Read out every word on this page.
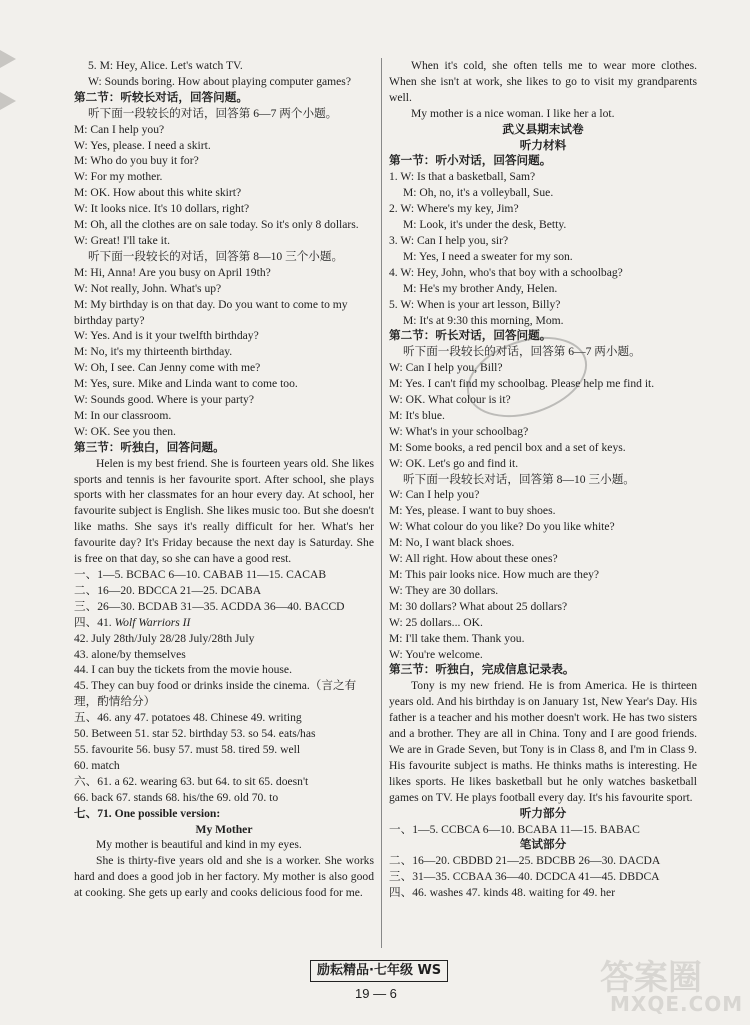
5. M: Hey, Alice. Let's watch TV.

W: Sounds boring. How about playing computer games?

第二节：听较长对话，回答问题。

听下面一段较长的对话，回答第 6—7 两个小题。

M: Can I help you?

W: Yes, please. I need a skirt.

M: Who do you buy it for?

W: For my mother.

M: OK. How about this white skirt?

W: It looks nice. It's 10 dollars, right?

M: Oh, all the clothes are on sale today. So it's only 8 dollars.

W: Great! I'll take it.

听下面一段较长的对话，回答第 8—10 三个小题。

M: Hi, Anna! Are you busy on April 19th?

W: Not really, John. What's up?

M: My birthday is on that day. Do you want to come to my birthday party?

W: Yes. And is it your twelfth birthday?

M: No, it's my thirteenth birthday.

W: Oh, I see. Can Jenny come with me?

M: Yes, sure. Mike and Linda want to come too.

W: Sounds good. Where is your party?

M: In our classroom.

W: OK. See you then.

第三节：听独白，回答问题。

Helen is my best friend. She is fourteen years old. She likes sports and tennis is her favourite sport. After school, she plays sports with her classmates for an hour every day. At school, her favourite subject is English. She likes music too. But she doesn't like maths. She says it's really difficult for her. What's her favourite day? It's Friday because the next day is Saturday. She is free on that day, so she can have a good rest.

一、1—5. BCBAC 6—10. CABAB 11—15. CACAB

二、16—20. BDCCA 21—25. DCABA

三、26—30. BCDAB 31—35. ACDDA 36—40. BACCD

四、41. Wolf Warriors II

42. July 28th/July 28/28 July/28th July

43. alone/by themselves

44. I can buy the tickets from the movie house.

45. They can buy food or drinks inside the cinema.（言之有理，酌情给分）

五、46. any 47. potatoes 48. Chinese 49. writing

50. Between 51. star 52. birthday 53. so 54. eats/has

55. favourite 56. busy 57. must 58. tired 59. well

60. match

六、61. a 62. wearing 63. but 64. to sit 65. doesn't

66. back 67. stands 68. his/the 69. old 70. to

七、71. One possible version:

My Mother

My mother is beautiful and kind in my eyes.

She is thirty-five years old and she is a worker. She works hard and does a good job in her factory. My mother is also good at cooking. She gets up early and cooks delicious food for me.

When it's cold, she often tells me to wear more clothes. When she isn't at work, she likes to go to visit my grandparents well.

My mother is a nice woman. I like her a lot.

武义县期末试卷

听力材料

第一节：听小对话，回答问题。

1. W: Is that a basketball, Sam?

M: Oh, no, it's a volleyball, Sue.

2. W: Where's my key, Jim?

M: Look, it's under the desk, Betty.

3. W: Can I help you, sir?

M: Yes, I need a sweater for my son.

4. W: Hey, John, who's that boy with a schoolbag?

M: He's my brother Andy, Helen.

5. W: When is your art lesson, Billy?

M: It's at 9:30 this morning, Mom.

第二节：听长对话，回答问题。

听下面一段较长的对话，回答第 6—7 两小题。

W: Can I help you, Bill?

M: Yes. I can't find my schoolbag. Please help me find it.

W: OK. What colour is it?

M: It's blue.

W: What's in your schoolbag?

M: Some books, a red pencil box and a set of keys.

W: OK. Let's go and find it.

听下面一段较长对话，回答第 8—10 三小题。

W: Can I help you?

M: Yes, please. I want to buy shoes.

W: What colour do you like? Do you like white?

M: No, I want black shoes.

W: All right. How about these ones?

M: This pair looks nice. How much are they?

W: They are 30 dollars.

M: 30 dollars? What about 25 dollars?

W: 25 dollars... OK.

M: I'll take them. Thank you.

W: You're welcome.

第三节：听独白，完成信息记录表。

Tony is my new friend. He is from America. He is thirteen years old. And his birthday is on January 1st, New Year's Day. His father is a teacher and his mother doesn't work. He has two sisters and a brother. They are all in China. Tony and I are good friends. We are in Grade Seven, but Tony is in Class 8, and I'm in Class 9. His favourite subject is maths. He thinks maths is interesting. He likes sports. He likes basketball but he only watches basketball games on TV. He plays football every day. It's his favourite sport.

听力部分

一、1—5. CCBCA 6—10. BCABA 11—15. BABAC

笔试部分

二、16—20. CBDBD 21—25. BDCBB 26—30. DACDA

三、31—35. CCBAA 36—40. DCDCA 41—45. DBDCA

四、46. washes 47. kinds 48. waiting for 49. her

励耘精品·七年级 WS
19 — 6	答案圈
MXQE.COM
